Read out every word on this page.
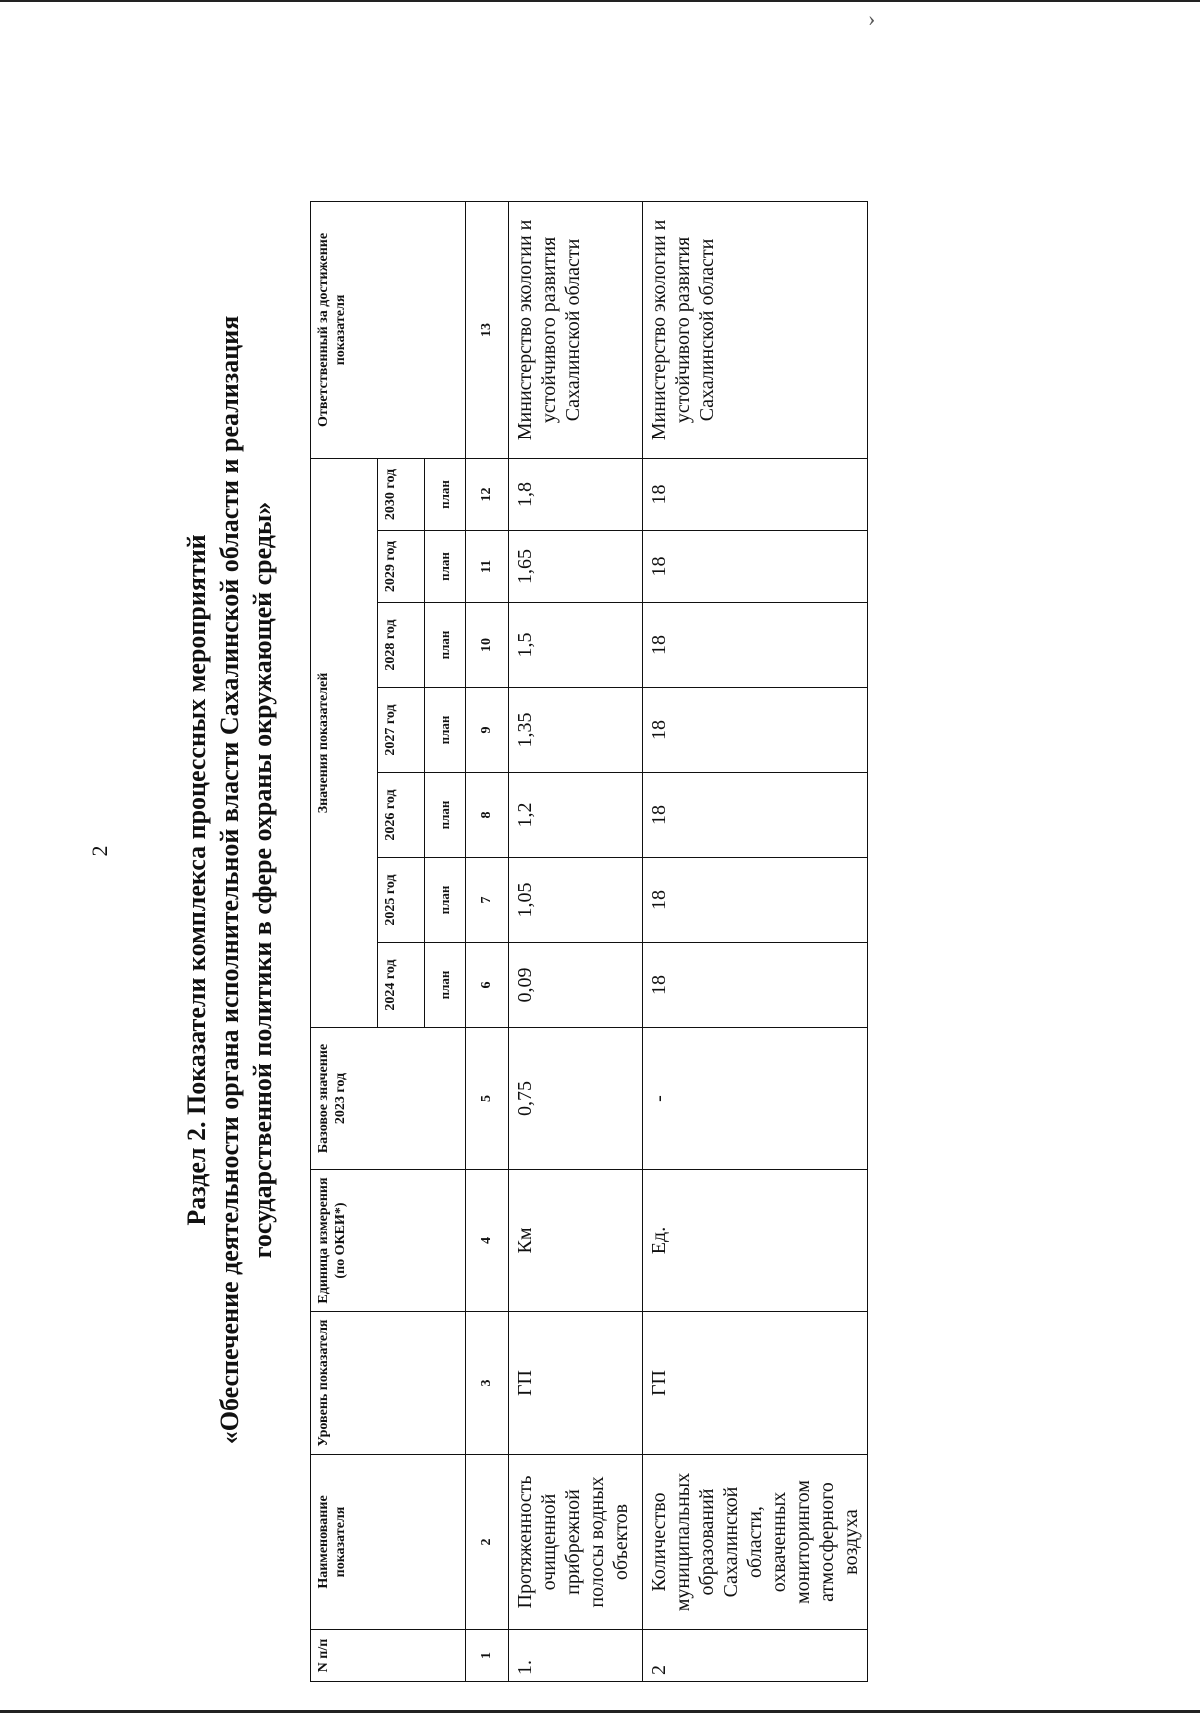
›
2	Раздел 2. Показатели комплекса процессных мероприятий «Обеспечение деятельности органа исполнительной власти Сахалинской области и реализация государственной политики в сфере охраны окружающей среды»
N п/п	Наименование показателя	Уровень показателя	Единица измерения (по ОКЕИ*)	Базовое значение 2023 год	Значения показателей							Ответственный за достижение показателя
					2024 год	2025 год	2026 год	2027 год	2028 год	2029 год	2030 год	
					план	план	план	план	план	план	план	
1	2	3	4	5	6	7	8	9	10	11	12	13
1.	Протяженность очищенной прибрежной полосы водных объектов	ГП	Км	0,75	0,09	1,05	1,2	1,35	1,5	1,65	1,8	Министерство экологии и устойчивого развития Сахалинской области
2	Количество муниципальных образований Сахалинской области, охваченных мониторингом атмосферного воздуха	ГП	Ед.	-	18	18	18	18	18	18	18	Министерство экологии и устойчивого развития Сахалинской области
